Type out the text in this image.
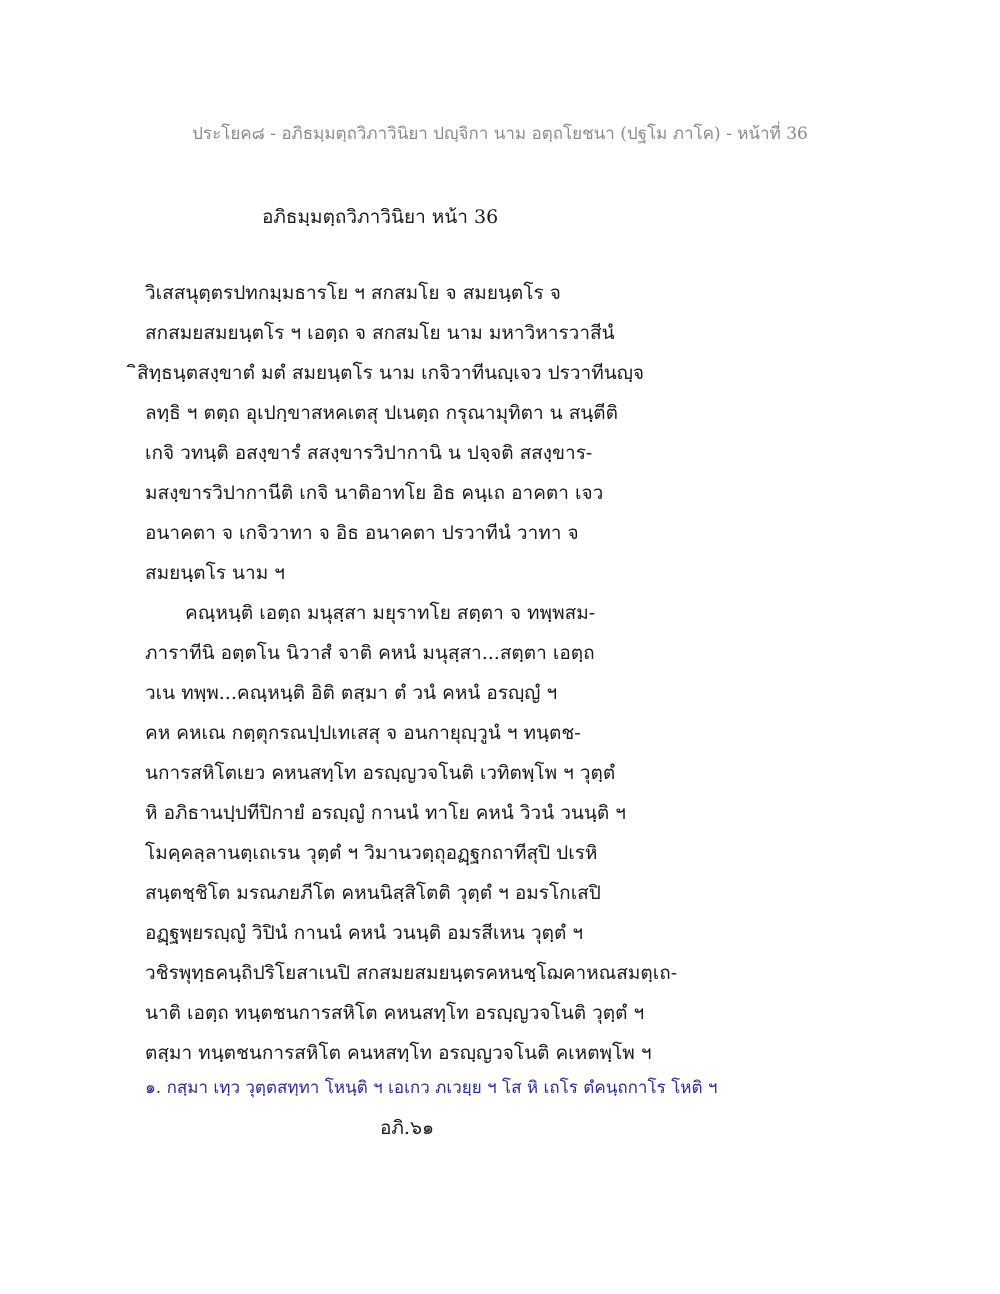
ประโยค๘ - อภิธมฺมตฺถวิภาวินิยา ปญฺจิกา นาม อตฺถโยชนา (ปฐโม ภาโค) - หน้าที่ 36
อภิธมฺมตฺถวิภาวินิยา หน้า 36
วิเสสนุตฺตรปทกมฺมธารโย ฯ สกสมโย จ สมยนฺตโร จ
สกสมยสมยนฺตโร ฯ เอตฺถ จ สกสมโย นาม มหาวิหารวาสีนํ
ิสิทฺธนฺตสงฺขาตํ มตํ สมยนฺตโร นาม เกจิวาทีนญฺเจว ปรวาทีนญฺจ
ลทฺธิ ฯ ตตฺถ อุเปกฺขาสหคเตสุ ปเนตฺถ กรุณามุทิตา น สนฺตีติ
เกจิ วทนฺติ อสงฺขารํ สสงฺขารวิปากานิ น ปจฺจติ สสงฺขาร-
มสงฺขารวิปากานีติ เกจิ นาติอาทโย อิธ คนฺเถ อาคตา เจว
อนาคตา จ เกจิวาทา จ อิธ อนาคตา ปรวาทีนํ วาทา จ
สมยนฺตโร นาม ฯ
คณฺหนฺติ เอตฺถ มนุสฺสา มยุราทโย สตฺตา จ ทพฺพสม-
ภาราทีนิ อตฺตโน นิวาสํ จาติ คหนํ มนุสฺสา...สตฺตา เอตฺถ
วเน ทพฺพ...คณฺหนฺติ อิติ ตสฺมา ตํ วนํ คหนํ อรญฺญํ ฯ
คห คหเณ กตฺตุกรณปฺปเทเสสุ จ อนกายุญฺวูนํ ฯ ทนฺตช-
นการสหิโตเยว คหนสทฺโท อรญฺญวจโนติ เวทิตพฺโพ ฯ วุตฺตํ
หิ อภิธานปฺปทีปิกายํ อรญฺญํ กานนํ ทาโย คหนํ วิวนํ วนนฺติ ฯ
โมคฺคลฺลานตฺเถเรน วุตฺตํ ฯ วิมานวตฺถุอฏฺฐกถาทีสุปิ ปเรหิ
สนฺตชฺชิโต มรณภยภีโต คหนนิสฺสิโตติ วุตฺตํ ฯ อมรโกเสปิ
อฏฺฐพฺยรญฺญํ วิปินํ กานนํ คหนํ วนนฺติ อมรสีเหน วุตฺตํ ฯ
วชิรพุทฺธคนฺถิปริโยสาเนปิ สกสมยสมยนฺตรคหนชฺโฌคาหณสมตฺเถ-
นาติ เอตฺถ ทนฺตชนการสหิโต คหนสทฺโท อรญฺญวจโนติ วุตฺตํ ฯ
ตสฺมา ทนฺตชนการสหิโต คนหสทฺโท อรญฺญวจโนติ คเหตพฺโพ ฯ
๑. กสฺมา เทฺว วุตฺตสทฺทา โหนฺติ ฯ เอเกว ภเวยฺย ฯ โส หิ เถโร ตํคนฺถกาโร โหติ ฯ
อภิ.๖๑
